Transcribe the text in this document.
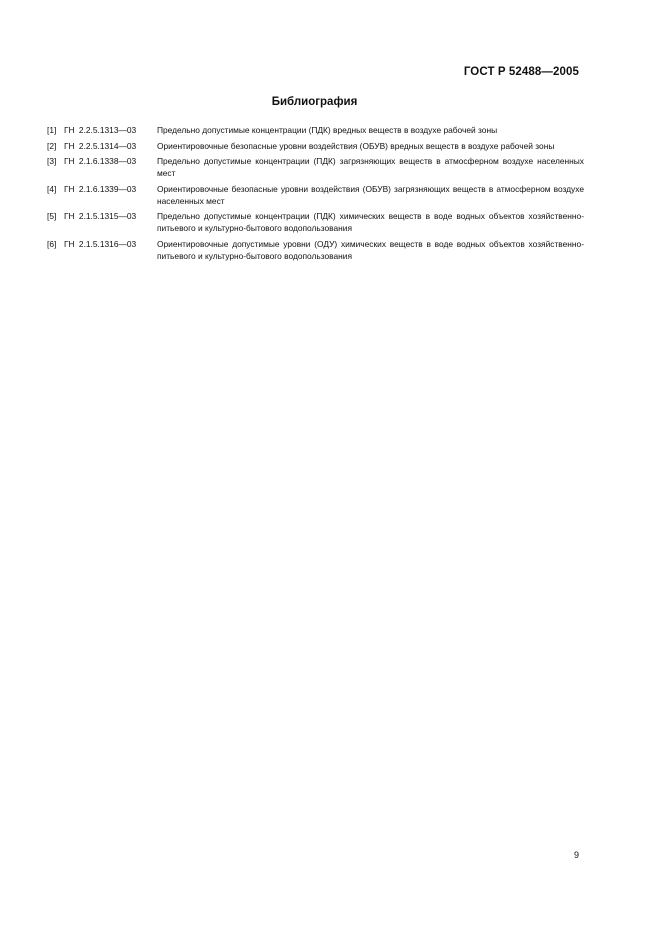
ГОСТ Р 52488—2005
Библиография
[1] ГН 2.2.5.1313—03	Предельно допустимые концентрации (ПДК) вредных веществ в воздухе рабочей зоны
[2] ГН 2.2.5.1314—03	Ориентировочные безопасные уровни воздействия (ОБУВ) вредных веществ в воздухе рабочей зоны
[3] ГН 2.1.6.1338—03	Предельно допустимые концентрации (ПДК) загрязняющих веществ в атмосферном воздухе населенных мест
[4] ГН 2.1.6.1339—03	Ориентировочные безопасные уровни воздействия (ОБУВ) загрязняющих веществ в атмосферном воздухе населенных мест
[5] ГН 2.1.5.1315—03	Предельно допустимые концентрации (ПДК) химических веществ в воде водных объектов хозяйственно-питьевого и культурно-бытового водопользования
[6] ГН 2.1.5.1316—03	Ориентировочные допустимые уровни (ОДУ) химических веществ в воде водных объектов хозяйственно-питьевого и культурно-бытового водопользования
9
